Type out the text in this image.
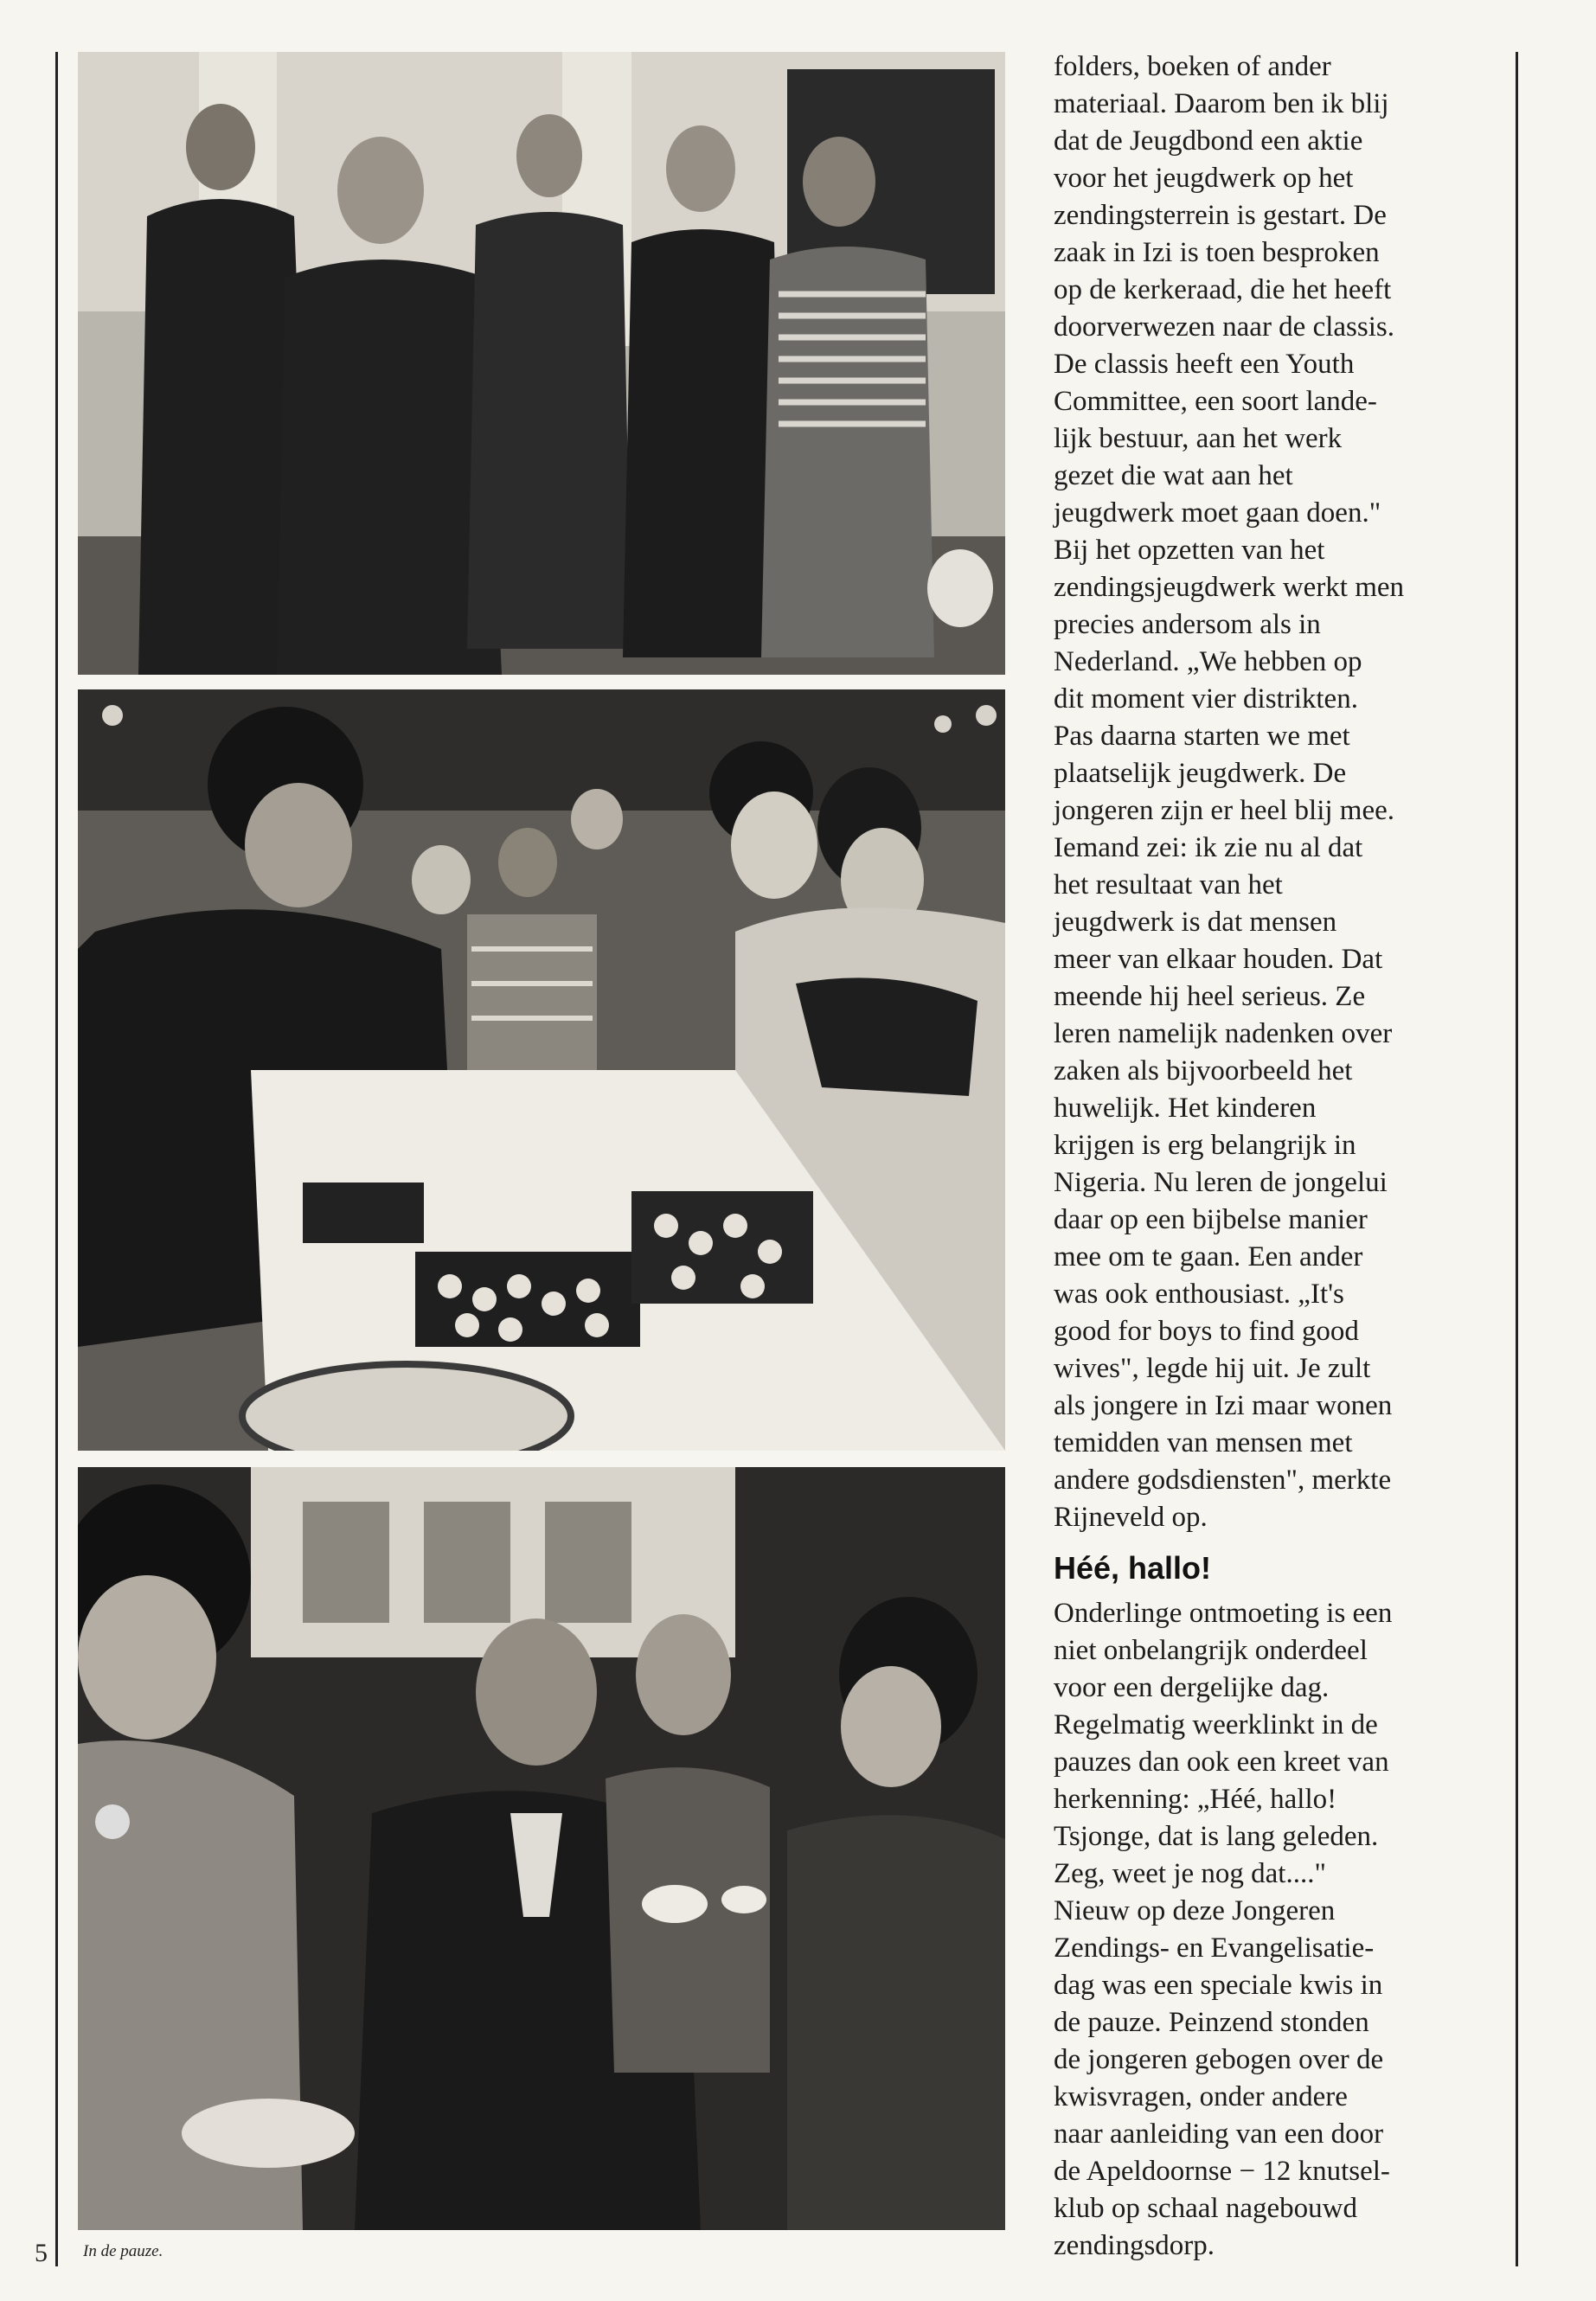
5 In de pauze.

folders, boeken of ander
materiaal. Daarom ben ik blij
dat de Jeugdbond een aktie
voor het jeugdwerk op het
zendingsterrein is gestart. De
zaak in Izi is toen besproken
op de kerkeraad, die het heeft
doorverwezen naar de classis.
De classis heeft een Youth
Committee, een soort lande-
lijk bestuur, aan het werk
gezet die wat aan het
jeugdwerk moet gaan doen."
Bij het opzetten van het
zendingsjeugdwerk werkt men
precies andersom als in
Nederland. „We hebben op
dit moment vier distrikten.
Pas daarna starten we met
plaatselijk jeugdwerk. De
jongeren zijn er heel blij mee.
Iemand zei: ik zie nu al dat
het resultaat van het
jeugdwerk is dat mensen
meer van elkaar houden. Dat
meende hij heel serieus. Ze
leren namelijk nadenken over
zaken als bijvoorbeeld het
huwelijk. Het kinderen
krijgen is erg belangrijk in
Nigeria. Nu leren de jongelui
daar op een bijbelse manier
mee om te gaan. Een ander
was ook enthousiast. „It's
good for boys to find good
wives", legde hij uit. Je zult
als jongere in Izi maar wonen
temidden van mensen met
andere godsdiensten", merkte
Rijneveld op.

Héé, hallo!

Onderlinge ontmoeting is een
niet onbelangrijk onderdeel
voor een dergelijke dag.
Regelmatig weerklinkt in de
pauzes dan ook een kreet van
herkenning: „Héé, hallo!
Tsjonge, dat is lang geleden.
Zeg, weet je nog dat...."
Nieuw op deze Jongeren
Zendings- en Evangelisatie-
dag was een speciale kwis in
de pauze. Peinzend stonden
de jongeren gebogen over de
kwisvragen, onder andere
naar aanleiding van een door
de Apeldoornse − 12 knutsel-
klub op schaal nagebouwd
zendingsdorp.
